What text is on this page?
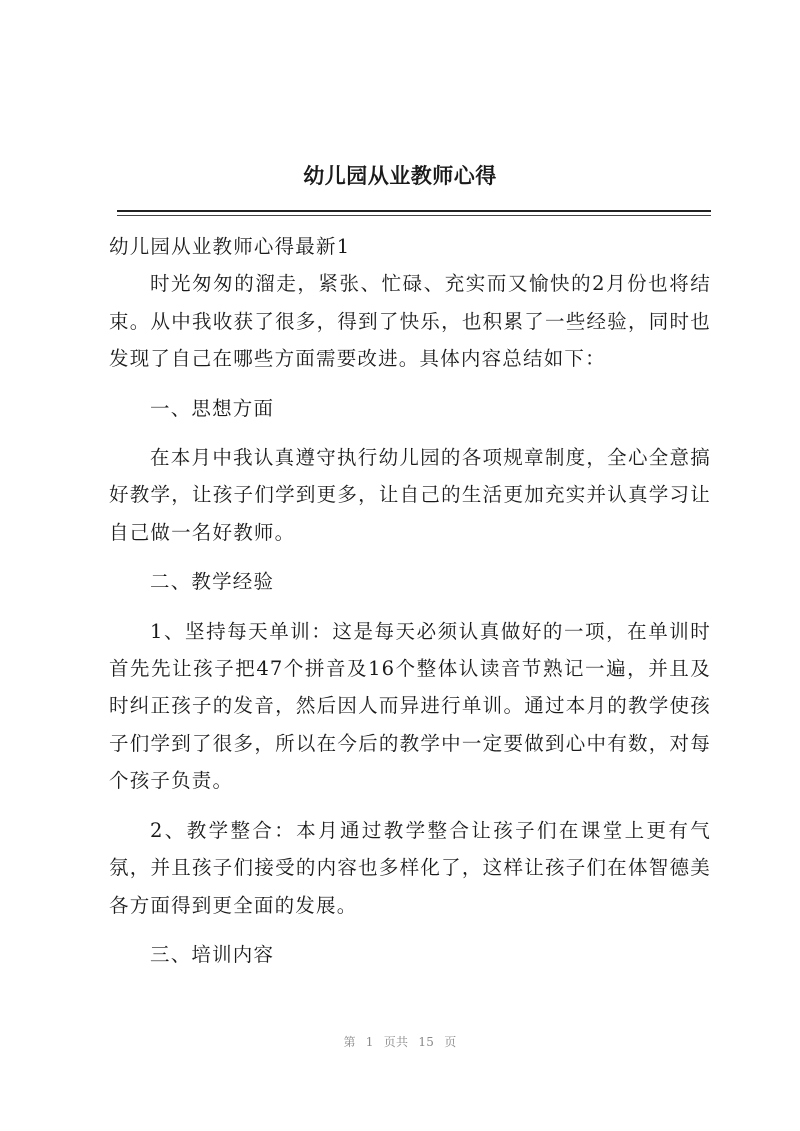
幼儿园从业教师心得

幼儿园从业教师心得最新1

时光匆匆的溜走，紧张、忙碌、充实而又愉快的2月份也将结束。从中我收获了很多，得到了快乐，也积累了一些经验，同时也发现了自己在哪些方面需要改进。具体内容总结如下：

一、思想方面

在本月中我认真遵守执行幼儿园的各项规章制度，全心全意搞好教学，让孩子们学到更多，让自己的生活更加充实并认真学习让自己做一名好教师。

二、教学经验

1、坚持每天单训：这是每天必须认真做好的一项，在单训时首先先让孩子把47个拼音及16个整体认读音节熟记一遍，并且及时纠正孩子的发音，然后因人而异进行单训。通过本月的教学使孩子们学到了很多，所以在今后的教学中一定要做到心中有数，对每个孩子负责。

2、教学整合：本月通过教学整合让孩子们在课堂上更有气氛，并且孩子们接受的内容也多样化了，这样让孩子们在体智德美各方面得到更全面的发展。

三、培训内容

第 1 页共 15 页
